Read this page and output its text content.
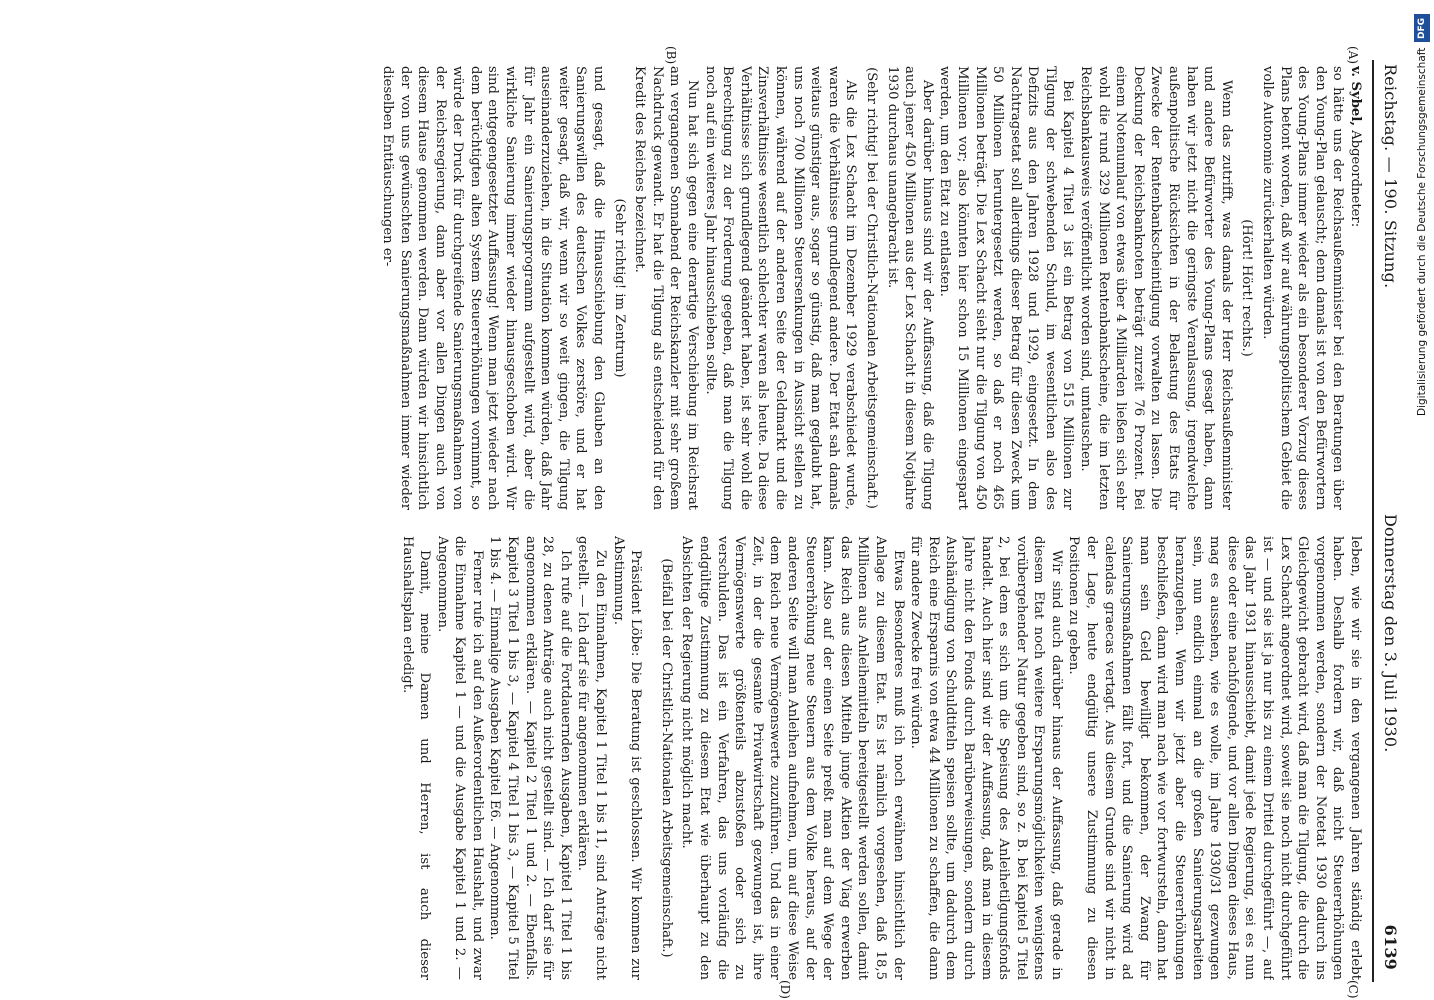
Reichstag. — 190. Sitzung.
Donnerstag den 3. Juli 1930.
6139
(A)
(B)
(C)
(D)

v. Sybel, Abgeordneter:

so hätte uns der Reichsaußenminister bei den Beratungen über den Young-Plan gelauscht; denn damals ist von den Befürwortern des Young-Plans immer wieder als ein besonderer Vorzug dieses Plans betont worden, daß wir auf währungspolitischem Gebiet die volle Autonomie zurückerhalten würden.

(Hört! Hört! rechts.)

Wenn das zutrifft, was damals der Herr Reichsaußenminister und andere Befürworter des Young-Plans gesagt haben, dann haben wir jetzt nicht die geringste Veranlassung, irgendwelche außenpolitische Rücksichten in der Belastung des Etats für Zwecke der Rentenbankscheintilgung vorwalten zu lassen. Die Deckung der Reichsbanknoten beträgt zurzeit 76 Prozent. Bei einem Notenumlauf von etwas über 4 Milliarden ließen sich sehr wohl die rund 329 Millionen Rentenbankscheine, die im letzten Reichsbankausweis veröffentlicht worden sind, umtauschen.

Bei Kapitel 4 Titel 3 ist ein Betrag von 515 Millionen zur Tilgung der schwebenden Schuld, im wesentlichen also des Defizits aus den Jahren 1928 und 1929, eingesetzt. In dem Nachtragsetat soll allerdings dieser Betrag für diesen Zweck um 50 Millionen heruntergesetzt werden, so daß er noch 465 Millionen beträgt. Die Lex Schacht sieht nur die Tilgung von 450 Millionen vor; also könnten hier schon 15 Millionen eingespart werden, um den Etat zu entlasten.

Aber darüber hinaus sind wir der Auffassung, daß die Tilgung auch jener 450 Millionen aus der Lex Schacht in diesem Notjahre 1930 durchaus unangebracht ist.

(Sehr richtig! bei der Christlich-Nationalen Arbeitsgemeinschaft.)

Als die Lex Schacht im Dezember 1929 verabschiedet wurde, waren die Verhältnisse grundlegend andere. Der Etat sah damals weitaus günstiger aus, sogar so günstig, daß man geglaubt hat, uns noch 700 Millionen Steuersenkungen in Aussicht stellen zu können, während auf der anderen Seite der Geldmarkt und die Zinsverhältnisse wesentlich schlechter waren als heute. Da diese Verhältnisse sich grundlegend geändert haben, ist sehr wohl die Berechtigung zu der Forderung gegeben, daß man die Tilgung noch auf ein weiteres Jahr hinausschieben sollte.

Nun hat sich gegen eine derartige Verschiebung im Reichsrat am vergangenen Sonnabend der Reichskanzler mit sehr großem Nachdruck gewandt. Er hat die Tilgung als entscheidend für den Kredit des Reiches bezeichnet.

(Sehr richtig! im Zentrum)

und gesagt, daß die Hinausschiebung den Glauben an den Sanierungswillen des deutschen Volkes zerstöre, und er hat weiter gesagt, daß wir, wenn wir so weit gingen, die Tilgung auseinanderzuziehen, in die Situation kommen würden, daß Jahr für Jahr ein Sanierungsprogramm aufgestellt wird, aber die wirkliche Sanierung immer wieder hinausgeschoben wird. Wir sind entgegengesetzter Auffassung! Wenn man jetzt wieder nach dem berüchtigten alten System Steuererhöhungen vornimmt, so würde der Druck für durchgreifende Sanierungsmaßnahmen von der Reichsregierung, dann aber vor allen Dingen auch von diesem Hause genommen werden. Dann würden wir hinsichtlich der von uns gewünschten Sanierungsmaßnahmen immer wieder dieselben Enttäuschungen er-

leben, wie wir sie in den vergangenen Jahren ständig erlebt haben. Deshalb fordern wir, daß nicht Steuererhöhungen vorgenommen werden, sondern der Notetat 1930 dadurch ins Gleichgewicht gebracht wird, daß man die Tilgung, die durch die Lex Schacht angeordnet wird, soweit sie noch nicht durchgeführt ist — und sie ist ja nur bis zu einem Drittel durchgeführt —, auf das Jahr 1931 hinausschiebt, damit jede Regierung, sei es nun diese oder eine nachfolgende, und vor allen Dingen dieses Haus, mag es aussehen, wie es wolle, im Jahre 1930/31 gezwungen sein, nun endlich einmal an die großen Sanierungsarbeiten heranzugehen. Wenn wir jetzt aber die Steuererhöhungen beschließen, dann wird man nach wie vor fortwursteln, dann hat man sein Geld bewilligt bekommen, der Zwang für Sanierungsmaßnahmen fällt fort, und die Sanierung wird ad calendas graecas vertagt. Aus diesem Grunde sind wir nicht in der Lage, heute endgültig unsere Zustimmung zu diesen Positionen zu geben.

Wir sind auch darüber hinaus der Auffassung, daß gerade in diesem Etat noch weitere Ersparungsmöglichkeiten wenigstens vorübergehender Natur gegeben sind, so z. B. bei Kapitel 5 Titel 2, bei dem es sich um die Speisung des Anleihetilgungsfonds handelt. Auch hier sind wir der Auffassung, daß man in diesem Jahre nicht den Fonds durch Barüberweisungen, sondern durch Aushändigung von Schuldtiteln speisen sollte, um dadurch dem Reich eine Ersparnis von etwa 44 Millionen zu schaffen, die dann für andere Zwecke frei würden.

Etwas Besonderes muß ich noch erwähnen hinsichtlich der Anlage zu diesem Etat. Es ist nämlich vorgesehen, daß 18,5 Millionen aus Anleihemitteln bereitgestellt werden sollen, damit das Reich aus diesen Mitteln junge Aktien der Viag erwerben kann. Also auf der einen Seite preßt man auf dem Wege der Steuererhöhung neue Steuern aus dem Volke heraus, auf der anderen Seite will man Anleihen aufnehmen, um auf diese Weise dem Reich neue Vermögenswerte zuzuführen. Und das in einer Zeit, in der die gesamte Privatwirtschaft gezwungen ist, ihre Vermögenswerte größtenteils abzustoßen oder sich zu verschulden. Das ist ein Verfahren, das uns vorläufig die endgültige Zustimmung zu diesem Etat wie überhaupt zu den Absichten der Regierung nicht möglich macht.

(Beifall bei der Christlich-Nationalen Arbeitsgemeinschaft.)

Präsident Löbe: Die Beratung ist geschlossen. Wir kommen zur Abstimmung.

Zu den Einnahmen, Kapitel 1 Titel 1 bis 11, sind Anträge nicht gestellt. — Ich darf sie für angenommen erklären.

Ich rufe auf die Fortdauernden Ausgaben, Kapitel 1 Titel 1 bis 28, zu denen Anträge auch nicht gestellt sind. — Ich darf sie für angenommen erklären. — Kapitel 2 Titel 1 und 2. — Ebenfalls. Kapitel 3 Titel 1 bis 3, — Kapitel 4 Titel 1 bis 3, — Kapitel 5 Titel 1 bis 4. — Einmalige Ausgaben Kapitel E6. — Angenommen.

Ferner rufe ich auf den Außerordentlichen Haushalt, und zwar die Einnahme Kapitel 1 — und die Ausgabe Kapitel 1 und 2. — Angenommen.

Damit, meine Damen und Herren, ist auch dieser Haushaltsplan erledigt.

DFG
Digitalisierung gefördert durch die Deutsche Forschungsgemeinschaft
